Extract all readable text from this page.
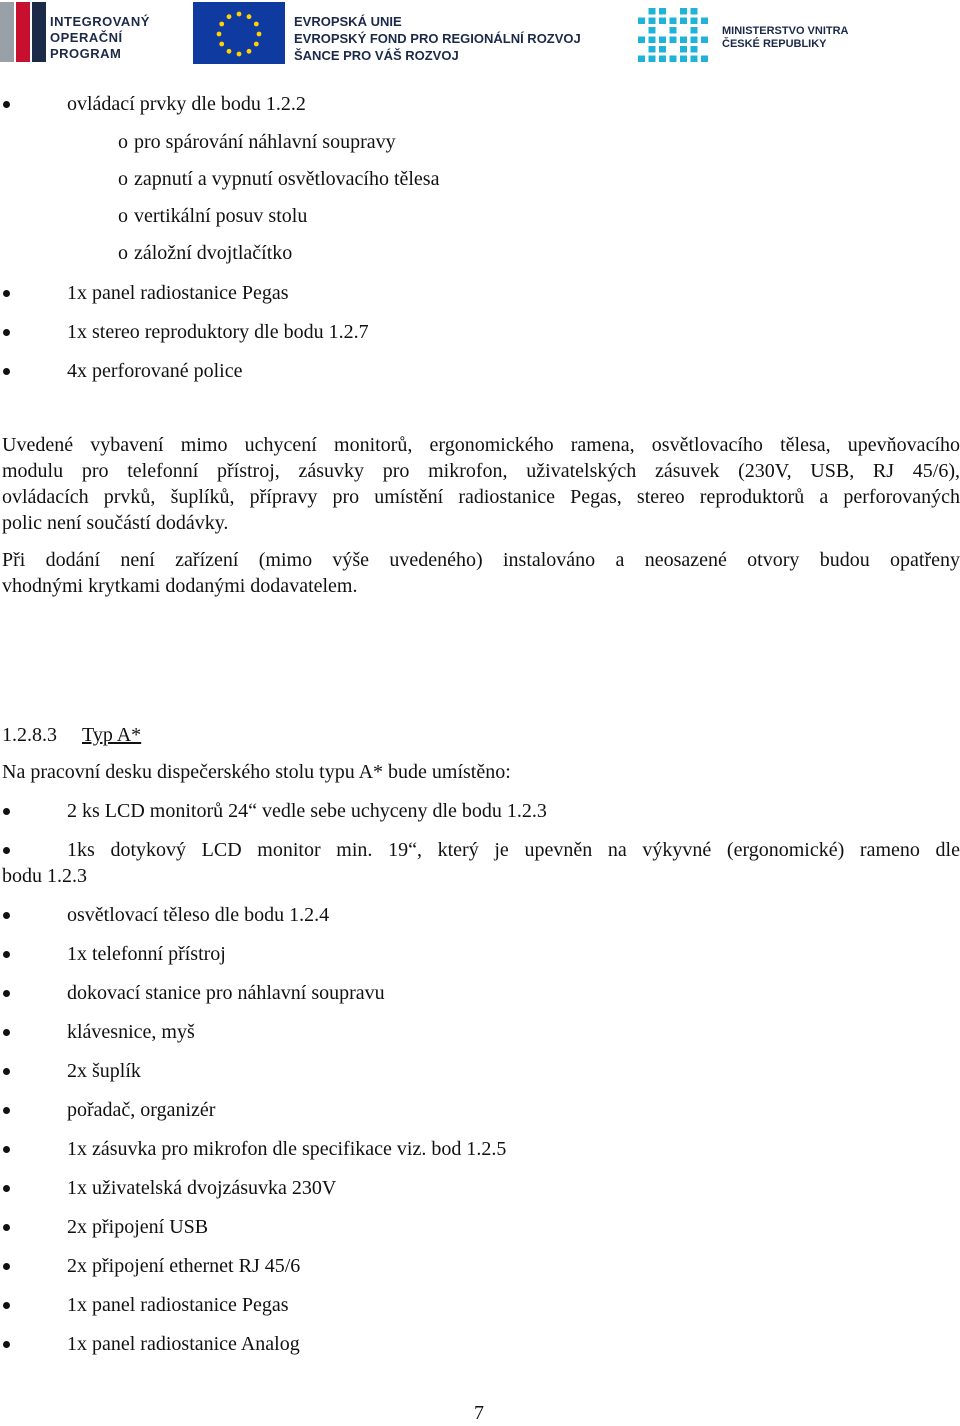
INTEGROVANÝ
OPERAČNÍ
PROGRAM
EVROPSKÁ UNIE
EVROPSKÝ FOND PRO REGIONÁLNÍ ROZVOJ
ŠANCE PRO VÁŠ ROZVOJ
MINISTERSTVO VNITRA
ČESKÉ REPUBLIKY
ovládací prvky dle bodu 1.2.2
o pro spárování náhlavní soupravy
o zapnutí a vypnutí osvětlovacího tělesa
o vertikální posuv stolu
o záložní dvojtlačítko
1x panel radiostanice Pegas
1x stereo reproduktory dle bodu 1.2.7
4x perforované police
Uvedené vybavení mimo uchycení monitorů, ergonomického ramena, osvětlovacího tělesa, upevňovacího
modulu pro telefonní přístroj, zásuvky pro mikrofon, uživatelských zásuvek (230V, USB, RJ 45/6),
ovládacích prvků, šuplíků, přípravy pro umístění radiostanice Pegas, stereo reproduktorů a perforovaných
polic není součástí dodávky.
Při dodání není zařízení (mimo výše uvedeného) instalováno a neosazené otvory budou opatřeny
vhodnými krytkami dodanými dodavatelem.
1.2.8.3 Typ A*
Na pracovní desku dispečerského stolu typu A* bude umístěno:
2 ks LCD monitorů 24“ vedle sebe uchyceny dle bodu 1.2.3
1ks dotykový LCD monitor min. 19“, který je upevněn na výkyvné (ergonomické) rameno dle
bodu 1.2.3
osvětlovací těleso dle bodu 1.2.4
1x telefonní přístroj
dokovací stanice pro náhlavní soupravu
klávesnice, myš
2x šuplík
pořadač, organizér
1x zásuvka pro mikrofon dle specifikace viz. bod 1.2.5
1x uživatelská dvojzásuvka 230V
2x připojení USB
2x připojení ethernet RJ 45/6
1x panel radiostanice Pegas
1x panel radiostanice Analog
7
